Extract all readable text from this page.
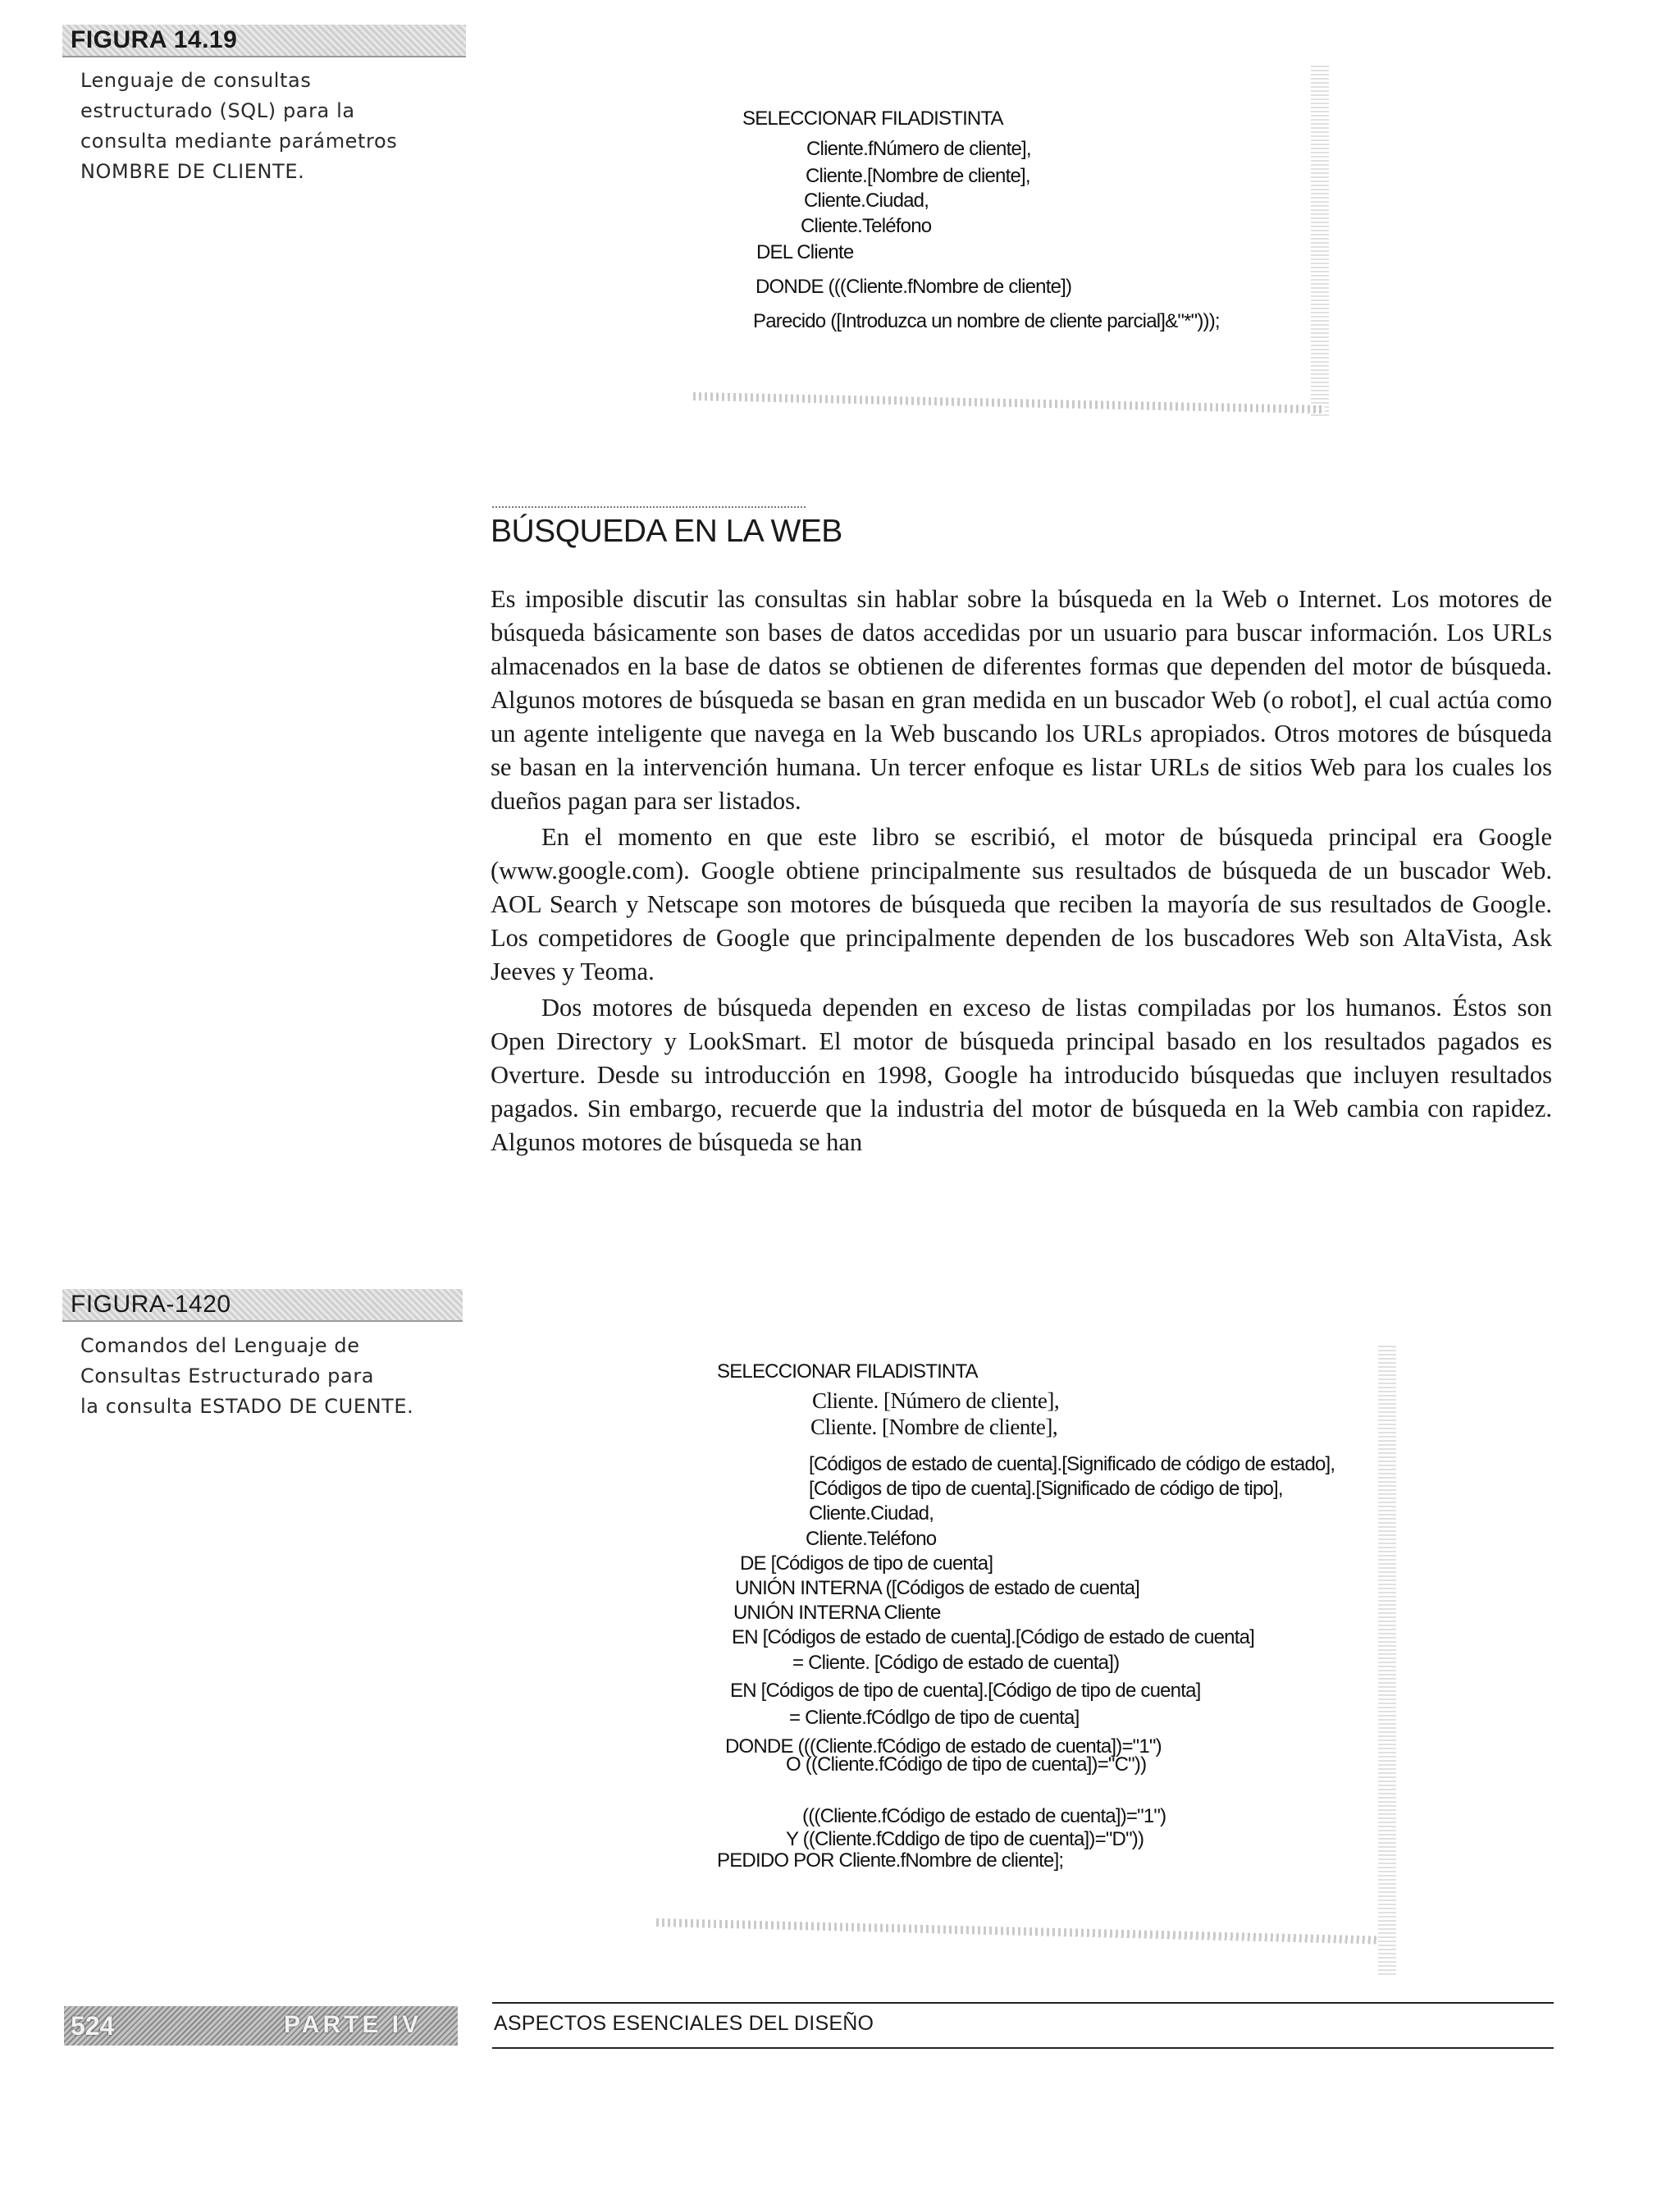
FIGURA 14.19
Lenguaje de consultas
estructurado (SQL) para la
consulta mediante parámetros
NOMBRE DE CLIENTE.
SELECCIONAR FILADISTINTA
Cliente.fNúmero de cliente],
Cliente.[Nombre de cliente],
Cliente.Ciudad,
Cliente.Teléfono
DEL Cliente
DONDE (((Cliente.fNombre de cliente])
Parecido ([Introduzca un nombre de cliente parcial]&"*")));
BÚSQUEDA EN LA WEB

Es imposible discutir las consultas sin hablar sobre la búsqueda en la Web o Internet. Los motores de búsqueda básicamente son bases de datos accedidas por un usuario para buscar información. Los URLs almacenados en la base de datos se obtienen de diferentes formas que dependen del motor de búsqueda. Algunos motores de búsqueda se basan en gran medida en un buscador Web (o robot], el cual actúa como un agente inteligente que navega en la Web buscando los URLs apropiados. Otros motores de búsqueda se basan en la intervención humana. Un tercer enfoque es listar URLs de sitios Web para los cuales los dueños pagan para ser listados.

En el momento en que este libro se escribió, el motor de búsqueda principal era Google (www.google.com). Google obtiene principalmente sus resultados de búsqueda de un buscador Web. AOL Search y Netscape son motores de búsqueda que reciben la mayoría de sus resultados de Google. Los competidores de Google que principalmente dependen de los buscadores Web son AltaVista, Ask Jeeves y Teoma.

Dos motores de búsqueda dependen en exceso de listas compiladas por los humanos. Éstos son Open Directory y LookSmart. El motor de búsqueda principal basado en los resultados pagados es Overture. Desde su introducción en 1998, Google ha introducido búsquedas que incluyen resultados pagados. Sin embargo, recuerde que la industria del motor de búsqueda en la Web cambia con rapidez. Algunos motores de búsqueda se han

FIGURA-1420
Comandos del Lenguaje de
Consultas Estructurado para
la consulta ESTADO DE CUENTE.
SELECCIONAR FILADISTINTA
Cliente. [Número de cliente],
Cliente. [Nombre de cliente],
[Códigos de estado de cuenta].[Significado de código de estado],
[Códigos de tipo de cuenta].[Significado de código de tipo],
Cliente.Ciudad,
Cliente.Teléfono
DE [Códigos de tipo de cuenta]
UNIÓN INTERNA ([Códigos de estado de cuenta]
UNIÓN INTERNA Cliente
EN [Códigos de estado de cuenta].[Código de estado de cuenta]
= Cliente. [Código de estado de cuenta])
EN [Códigos de tipo de cuenta].[Código de tipo de cuenta]
= Cliente.fCódlgo de tipo de cuenta]
DONDE (((Cliente.fCódigo de estado de cuenta])="1")
O ((Cliente.fCódigo de tipo de cuenta])="C"))
(((Cliente.fCódigo de estado de cuenta])="1")
Y ((Cliente.fCddigo de tipo de cuenta])="D"))
PEDIDO POR Cliente.fNombre de cliente];
524	PARTE IV	ASPECTOS ESENCIALES DEL DISEÑO
